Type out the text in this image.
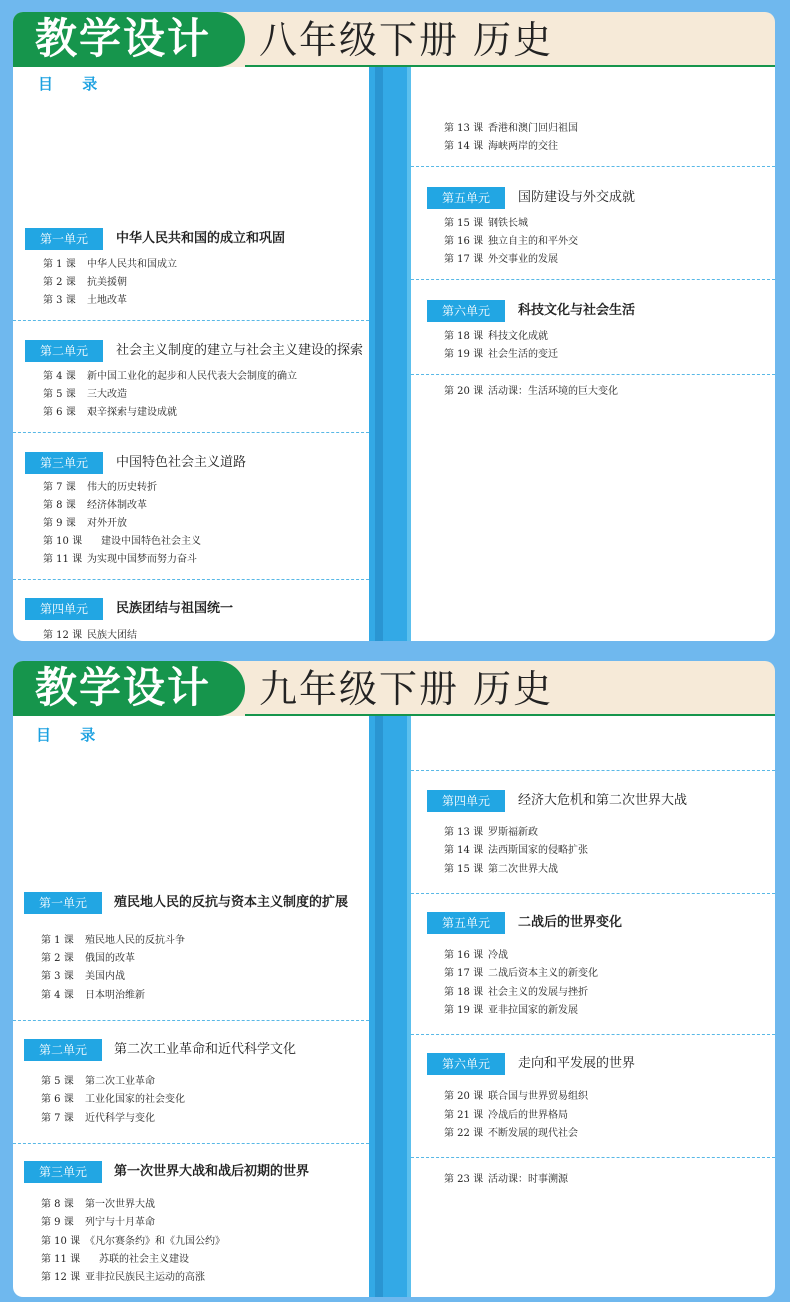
教学设计 八年级下册 历史
目 录
第一单元	中华人民共和国的成立和巩固
第 1 课 中华人民共和国成立
第 2 课 抗美援朝
第 3 课 土地改革
第二单元	社会主义制度的建立与社会主义建设的探索
第 4 课 新中国工业化的起步和人民代表大会制度的确立
第 5 课 三大改造
第 6 课 艰辛探索与建设成就
第三单元	中国特色社会主义道路
第 7 课 伟大的历史转折
第 8 课 经济体制改革
第 9 课 对外开放
第 10 课 建设中国特色社会主义
第 11 课 为实现中国梦而努力奋斗
第四单元	民族团结与祖国统一
第 12 课 民族大团结
第 13 课 香港和澳门回归祖国
第 14 课 海峡两岸的交往
第五单元	国防建设与外交成就
第 15 课 钢铁长城
第 16 课 独立自主的和平外交
第 17 课 外交事业的发展
第六单元	科技文化与社会生活
第 18 课 科技文化成就
第 19 课 社会生活的变迁
第 20 课 活动课：生活环境的巨大变化
教学设计 九年级下册 历史
目 录
第一单元	殖民地人民的反抗与资本主义制度的扩展
第 1 课 殖民地人民的反抗斗争
第 2 课 俄国的改革
第 3 课 美国内战
第 4 课 日本明治维新
第二单元	第二次工业革命和近代科学文化
第 5 课 第二次工业革命
第 6 课 工业化国家的社会变化
第 7 课 近代科学与变化
第三单元	第一次世界大战和战后初期的世界
第 8 课 第一次世界大战
第 9 课 列宁与十月革命
第 10 课 《凡尔赛条约》和《九国公约》
第 11 课 苏联的社会主义建设
第 12 课 亚非拉民族民主运动的高涨
第四单元	经济大危机和第二次世界大战
第 13 课 罗斯福新政
第 14 课 法西斯国家的侵略扩张
第 15 课 第二次世界大战
第五单元	二战后的世界变化
第 16 课 冷战
第 17 课 二战后资本主义的新变化
第 18 课 社会主义的发展与挫折
第 19 课 亚非拉国家的新发展
第六单元	走向和平发展的世界
第 20 课 联合国与世界贸易组织
第 21 课 冷战后的世界格局
第 22 课 不断发展的现代社会
第 23 课 活动课：时事溯源
